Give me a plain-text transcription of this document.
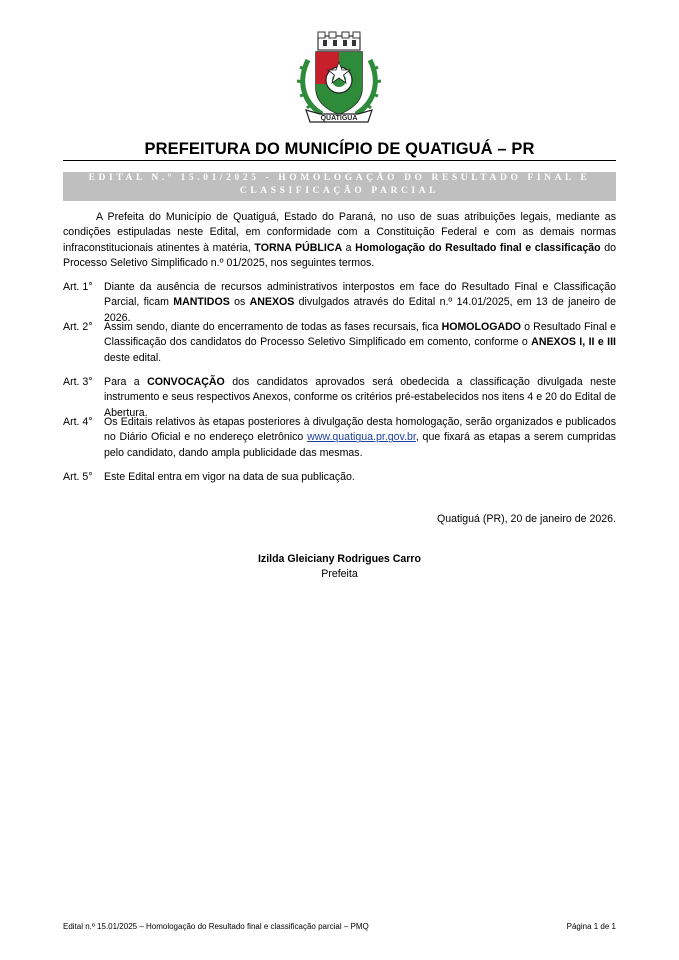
QUATIGUÁ
PREFEITURA DO MUNICÍPIO DE QUATIGUÁ – PR
EDITAL N.º 15.01/2025 - HOMOLOGAÇÃO DO RESULTADO FINAL E
CLASSIFICAÇÃO PARCIAL
A Prefeita do Município de Quatiguá, Estado do Paraná, no uso de suas atribuições legais, mediante as condições estipuladas neste Edital, em conformidade com a Constituição Federal e com as demais normas infraconstitucionais atinentes à matéria, TORNA PÚBLICA a Homologação do Resultado final e classificação do Processo Seletivo Simplificado n.º 01/2025, nos seguintes termos.
Art. 1°	Diante da ausência de recursos administrativos interpostos em face do Resultado Final e Classificação Parcial, ficam MANTIDOS os ANEXOS divulgados através do Edital n.º 14.01/2025, em 13 de janeiro de 2026.
Art. 2°	Assim sendo, diante do encerramento de todas as fases recursais, fica HOMOLOGADO o Resultado Final e Classificação dos candidatos do Processo Seletivo Simplificado em comento, conforme o ANEXOS I, II e III deste edital.
Art. 3°	Para a CONVOCAÇÃO dos candidatos aprovados será obedecida a classificação divulgada neste instrumento e seus respectivos Anexos, conforme os critérios pré-estabelecidos nos itens 4 e 20 do Edital de Abertura.
Art. 4°	Os Editais relativos às etapas posteriores à divulgação desta homologação, serão organizados e publicados no Diário Oficial e no endereço eletrônico www.quatigua.pr.gov.br, que fixará as etapas a serem cumpridas pelo candidato, dando ampla publicidade das mesmas.
Art. 5°	Este Edital entra em vigor na data de sua publicação.
Quatiguá (PR), 20 de janeiro de 2026.
Izilda Gleiciany Rodrigues Carro
Prefeita
Edital n.º 15.01/2025 – Homologação do Resultado final e classificação parcial – PMQ	Página 1 de 1
